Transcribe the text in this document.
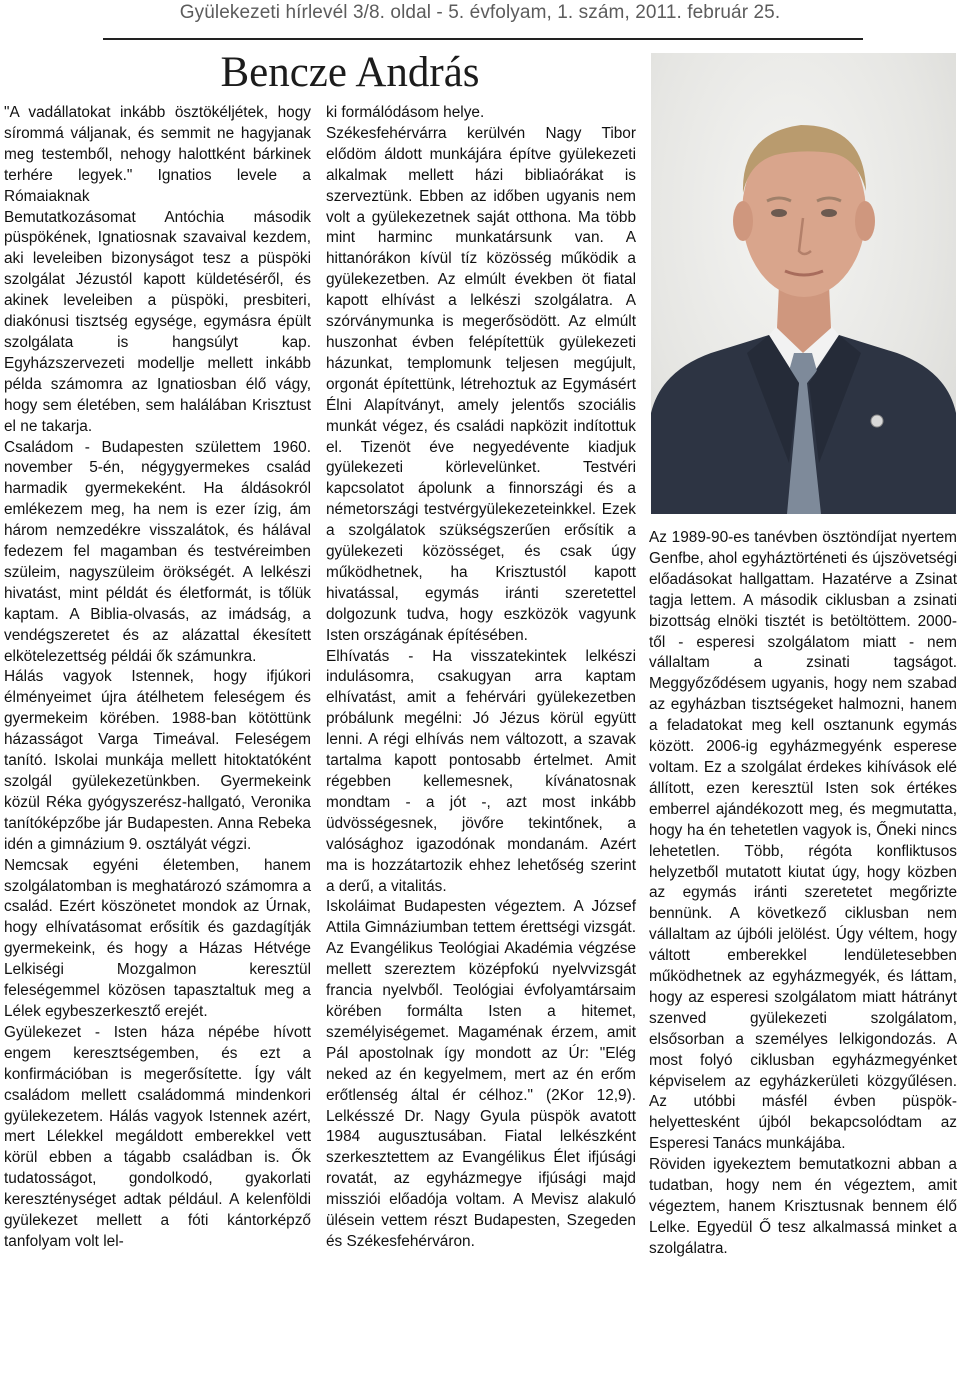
Gyülekezeti hírlevél 3/8. oldal - 5. évfolyam, 1. szám, 2011. február 25.
Bencze András

"A vadállatokat inkább ösztökéljétek, hogy sírommá váljanak, és semmit ne hagyjanak meg testemből, nehogy halottként bárkinek terhére legyek." Ignatios levele a Rómaiaknak

Bemutatkozásomat Antóchia második püspökének, Ignatiosnak szavaival kezdem, aki leveleiben bizonyságot tesz a püspöki szolgálat Jézustól kapott küldetéséről, és akinek leveleiben a püspöki, presbiteri, diakónusi tisztség egysége, egymásra épült szolgálata is hangsúlyt kap. Egyházszervezeti modellje mellett inkább példa számomra az Ignatiosban élő vágy, hogy sem életében, sem halálában Krisztust el ne takarja.

Családom - Budapesten születtem 1960. november 5-én, négygyermekes család harmadik gyermekeként. Ha áldásokról emlékezem meg, ha nem is ezer ízig, ám három nemzedékre visszalátok, és hálával fedezem fel magamban és testvéreimben szüleim, nagyszüleim örökségét. A lelkészi hivatást, mint példát és életformát, is tőlük kaptam. A Biblia-olvasás, az imádság, a vendégszeretet és az alázattal ékesített elkötelezettség példái ők számunkra.

Hálás vagyok Istennek, hogy ifjúkori élményeimet újra átélhetem feleségem és gyermekeim körében. 1988-ban kötöttünk házasságot Varga Timeával. Feleségem tanító. Iskolai munkája mellett hitoktatóként szolgál gyülekezetünkben. Gyermekeink közül Réka gyógyszerész-hallgató, Veronika tanítóképzőbe jár Budapesten. Anna Rebeka idén a gimnázium 9. osztályát végzi.

Nemcsak egyéni életemben, hanem szolgálatomban is meghatározó számomra a család. Ezért köszönetet mondok az Úrnak, hogy elhívatásomat erősítik és gazdagítják gyermekeink, és hogy a Házas Hétvége Lelkiségi Mozgalmon keresztül feleségemmel közösen tapasztaltuk meg a Lélek egybeszerkesztő erejét.

Gyülekezet - Isten háza népébe hívott engem keresztségemben, és ezt a konfirmációban is megerősítette. Így vált családom mellett családommá mindenkori gyülekezetem. Hálás vagyok Istennek azért, mert Lélekkel megáldott emberekkel vett körül ebben a tágabb családban is. Ők tudatosságot, gondolkodó, gyakorlati kereszténységet adtak például. A kelenföldi gyülekezet mellett a fóti kántorképző tanfolyam volt lel-

ki formálódásom helye.

Székesfehérvárra kerülvén Nagy Tibor elődöm áldott munkájára építve gyülekezeti alkalmak mellett házi bibliaórákat is szerveztünk. Ebben az időben ugyanis nem volt a gyülekezetnek saját otthona. Ma több mint harminc munkatársunk van. A hittanórákon kívül tíz közösség működik a gyülekezetben. Az elmúlt években öt fiatal kapott elhívást a lelkészi szolgálatra. A szórványmunka is megerősödött. Az elmúlt huszonhat évben felépítettük gyülekezeti házunkat, templomunk teljesen megújult, orgonát építettünk, létrehoztuk az Egymásért Élni Alapítványt, amely jelentős szociális munkát végez, és családi napközit indítottuk el. Tizenöt éve negyedévente kiadjuk gyülekezeti körlevelünket. Testvéri kapcsolatot ápolunk a finnországi és a németországi testvérgyülekezeteinkkel. Ezek a szolgálatok szükségszerűen erősítik a gyülekezeti közösséget, és csak úgy működhetnek, ha Krisztustól kapott hivatással, egymás iránti szeretettel dolgozunk tudva, hogy eszközök vagyunk Isten országának építésében.

Elhívatás - Ha visszatekintek lelkészi indulásomra, csakugyan arra kaptam elhívatást, amit a fehérvári gyülekezetben próbálunk megélni: Jó Jézus körül együtt lenni. A régi elhívás nem változott, a szavak tartalma kapott pontosabb értelmet. Amit régebben kellemesnek, kívánatosnak mondtam - a jót -, azt most inkább üdvösségesnek, jövőre tekintőnek, a valósághoz igazodónak mondanám. Azért ma is hozzátartozik ehhez lehetőség szerint a derű, a vitalitás.

Iskoláimat Budapesten végeztem. A József Attila Gimnáziumban tettem érettségi vizsgát. Az Evangélikus Teológiai Akadémia végzése mellett szereztem középfokú nyelvvizsgát francia nyelvből. Teológiai évfolyamtársaim körében formálta Isten a hitemet, személyiségemet. Magaménak érzem, amit Pál apostolnak így mondott az Úr: "Elég neked az én kegyelmem, mert az én erőm erőtlenség által ér célhoz." (2Kor 12,9). Lelkésszé Dr. Nagy Gyula püspök avatott 1984 augusztusában. Fiatal lelkészként szerkesztettem az Evangélikus Élet ifjúsági rovatát, az egyházmegye ifjúsági majd missziói előadója voltam. A Mevisz alakuló ülésein vettem részt Budapesten, Szegeden és Székesfehérváron.

Az 1989-90-es tanévben ösztöndíjat nyertem Genfbe, ahol egyháztörténeti és újszövetségi előadásokat hallgattam. Hazatérve a Zsinat tagja lettem. A második ciklusban a zsinati bizottság elnöki tisztét is betöltöttem. 2000-től - esperesi szolgálatom miatt - nem vállaltam a zsinati tagságot. Meggyőződésem ugyanis, hogy nem szabad az egyházban tisztségeket halmozni, hanem a feladatokat meg kell osztanunk egymás között. 2006-ig egyházmegyénk esperese voltam. Ez a szolgálat érdekes kihívások elé állított, ezen keresztül Isten sok értékes emberrel ajándékozott meg, és megmutatta, hogy ha én tehetetlen vagyok is, Őneki nincs lehetetlen. Több, régóta konfliktusos helyzetből mutatott kiutat úgy, hogy közben az egymás iránti szeretetet megőrizte bennünk. A következő ciklusban nem vállaltam az újbóli jelölést. Úgy véltem, hogy váltott emberekkel lendületesebben működhetnek az egyházmegyék, és láttam, hogy az esperesi szolgálatom miatt hátrányt szenved gyülekezeti szolgálatom, elsősorban a személyes lelkigondozás. A most folyó ciklusban egyházmegyénket képviselem az egyházkerületi közgyűlésen. Az utóbbi másfél évben püspök-helyettesként újból bekapcsolódtam az Esperesi Tanács munkájába.

Röviden igyekeztem bemutatkozni abban a tudatban, hogy nem én végeztem, amit végeztem, hanem Krisztusnak bennem élő Lelke. Egyedül Ő tesz alkalmassá minket a szolgálatra.
